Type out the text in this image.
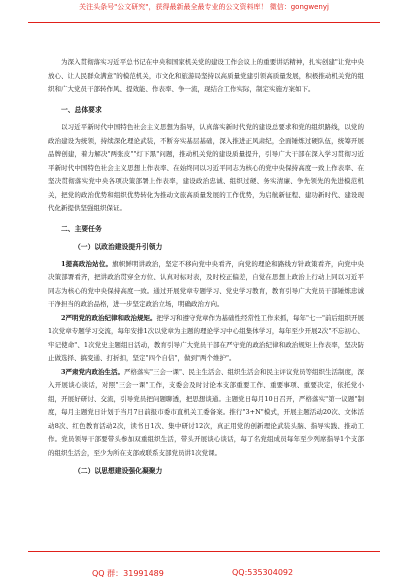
关注头条号"公文研究"，获得最新最全最专业的公文资料库！ 微信：gongwenyj

为深入贯彻落实习近平总书记在中央和国家机关党的建设工作会议上的重要讲话精神，扎实创建"让党中央放心、让人民群众满意"的模范机关，市文化和旅游局坚持以高质量党建引领高质量发展，积极推动机关党的组织和广大党员干部转作风、提效能、作表率、争一流，现结合工作实际，制定实施方案如下。

一、总体要求

以习近平新时代中国特色社会主义思想为指导，认真落实新时代党的建设总要求和党的组织路线，以党的政治建设为统领，持续深化理论武装，不断夯实基层基础，深入推进正风肃纪，全面锤炼过硬队伍，统筹开展品牌创建，着力解决"两张皮""灯下黑"问题，推动机关党的建设质量提升，引导广大干部在深入学习贯彻习近平新时代中国特色社会主义思想上作表率、在始终同以习近平同志为核心的党中央保持高度一致上作表率、在坚决贯彻落实党中央各项决策部署上作表率，建设政治忠诚、组织过硬、务实清廉、争先领先的先进模范机关，把党的政治优势和组织优势转化为推动文旅高质量发展的工作优势，为启航新征程、建功新时代、建设现代化新提供坚强组织保证。

二、主要任务

（一）以政治建设提升引领力

1提高政治站位。旗帜鲜明讲政治，坚定不移向党中央看齐，向党的理论和路线方针政策看齐，向党中央决策部署看齐，把讲政治贯穿全方位、认真对标对表，及时校正偏差，自觉在思想上政治上行动上同以习近平同志为核心的党中央保持高度一致。通过开展党章专题学习、党史学习教育，教育引导广大党员干部锤炼忠诚干净担当的政治品格，进一步坚定政治立场，明确政治方向。

2严明党的政治纪律和政治规矩。把学习和遵守党章作为基础性经常性工作来抓，每年"七一"前后组织开展1次党章专题学习交流，每年安排1次以党章为主题的理论学习中心组集体学习，每年至少开展2次"不忘初心、牢记使命"、1次党史主题组日活动，教育引导广大党员干部在严守党的政治纪律和政治规矩上作表率，坚决防止做选择、搞变通、打折扣，坚定"四个自信"，做到"两个维护"。

3严肃党内政治生活。严格落实"三会一课"、民主生活会、组织生活会和民主评议党员等组织生活制度，深入开展谈心谈话，对照"三会一课"工作，支委会及时讨论本支部重要工作、重要事项、重要决定，依托党小组，开展好研讨、交流，引导党员把问题聊透，把思想谈通。主题党日每月10日召开，严格落实"第一议题"制度，每月主题党日计划于当月7日前报市委市直机关工委备案。推行"3+N"模式，开展主题活动20次、文体活动8次、红色教育活动2次，读书日1次、集中研讨12次，真正用党的创新理论武装头脑、指导实践、推动工作。党员领导干部要带头参加双重组织生活，带头开展谈心谈话，每了名党组成员每年至少列席指导1个支部的组织生活会，至少为所在支部或联系支部党员讲1次党课。

（二）以思想建设强化凝聚力

QQ 群：31991489	QQ:535304092
